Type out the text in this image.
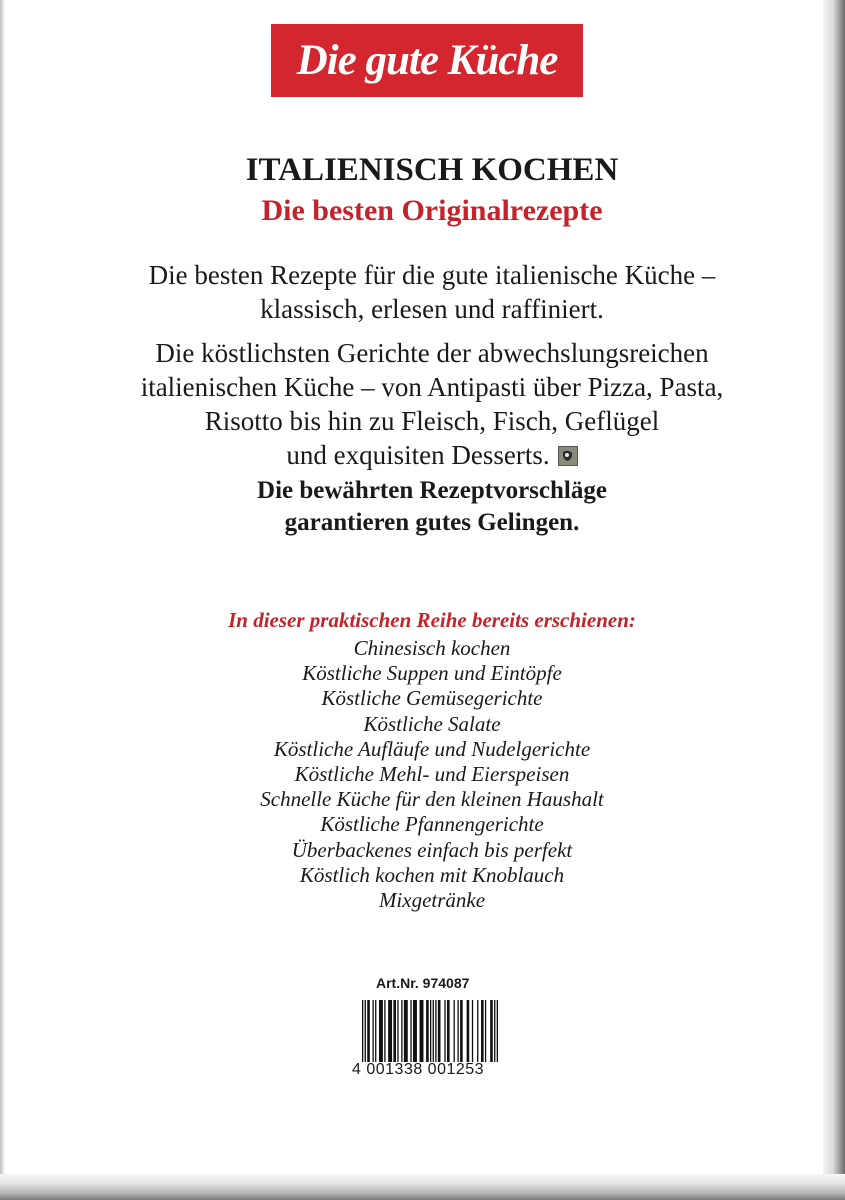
Die gute Küche
ITALIENISCH KOCHEN
Die besten Originalrezepte
Die besten Rezepte für die gute italienische Küche –
klassisch, erlesen und raffiniert.
Die köstlichsten Gerichte der abwechslungsreichen
italienischen Küche – von Antipasti über Pizza, Pasta,
Risotto bis hin zu Fleisch, Fisch, Geflügel
und exquisiten Desserts.
Die bewährten Rezeptvorschläge
garantieren gutes Gelingen.
In dieser praktischen Reihe bereits erschienen:
Chinesisch kochen
Köstliche Suppen und Eintöpfe
Köstliche Gemüsegerichte
Köstliche Salate
Köstliche Aufläufe und Nudelgerichte
Köstliche Mehl- und Eierspeisen
Schnelle Küche für den kleinen Haushalt
Köstliche Pfannengerichte
Überbackenes einfach bis perfekt
Köstlich kochen mit Knoblauch
Mixgetränke
Art.Nr. 974087
4 001338 001253
